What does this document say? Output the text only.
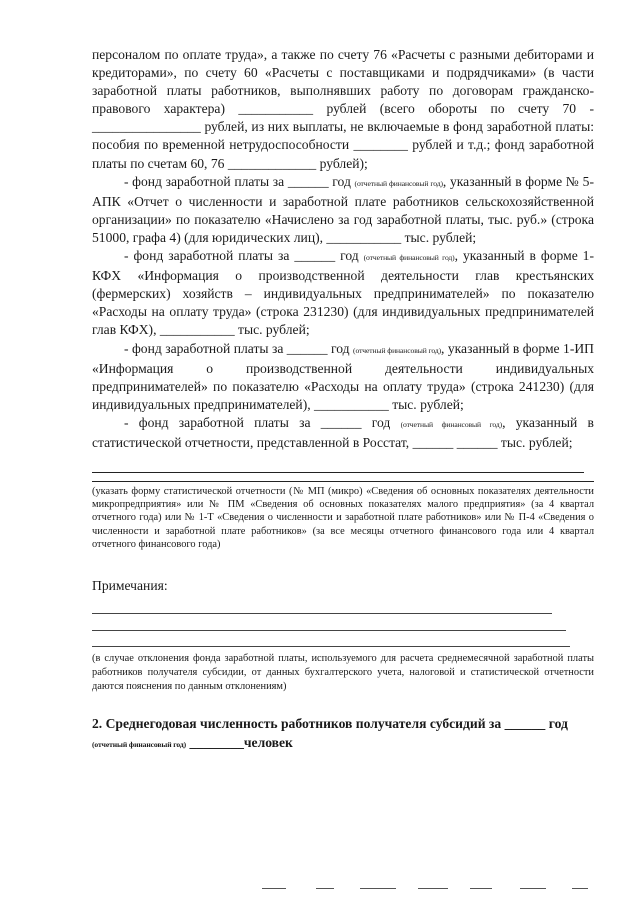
персоналом по оплате труда», а также по счету 76 «Расчеты с разными дебиторами и кредиторами», по счету 60 «Расчеты с поставщиками и подрядчиками» (в части заработной платы работников, выполнявших работу по договорам гражданско-правового характера) ___________ рублей (всего обороты по счету 70 - ________________ рублей, из них выплаты, не включаемые в фонд заработной платы: пособия по временной нетрудоспособности ________ рублей и т.д.; фонд заработной платы по счетам 60, 76 _____________ рублей);

- фонд заработной платы за ______ год (отчетный финансовый год), указанный в форме № 5-АПК «Отчет о численности и заработной плате работников сельскохозяйственной организации» по показателю «Начислено за год заработной платы, тыс. руб.» (строка 51000, графа 4) (для юридических лиц), ___________ тыс. рублей;

- фонд заработной платы за ______ год (отчетный финансовый год), указанный в форме 1-КФХ «Информация о производственной деятельности глав крестьянских (фермерских) хозяйств – индивидуальных предпринимателей» по показателю «Расходы на оплату труда» (строка 231230) (для индивидуальных предпринимателей глав КФХ), ___________ тыс. рублей;

- фонд заработной платы за ______ год (отчетный финансовый год), указанный в форме 1-ИП «Информация о производственной деятельности индивидуальных предпринимателей» по показателю «Расходы на оплату труда» (строка 241230) (для индивидуальных предпринимателей), ___________ тыс. рублей;

- фонд заработной платы за ______ год (отчетный финансовый год), указанный в статистической отчетности, представленной в Росстат, ______ ______ тыс. рублей;

(указать форму статистической отчетности (№ МП (микро) «Сведения об основных показателях деятельности микропредприятия» или № ПМ «Сведения об основных показателях малого предприятия» (за 4 квартал отчетного года) или № 1-Т «Сведения о численности и заработной плате работников» или № П-4 «Сведения о численности и заработной плате работников» (за все месяцы отчетного финансового года или 4 квартал отчетного финансового года)
Примечания:
(в случае отклонения фонда заработной платы, используемого для расчета среднемесячной заработной платы работников получателя субсидии, от данных бухгалтерского учета, налоговой и статистической отчетности даются пояснения по данным отклонениям)
2. Среднегодовая численность работников получателя субсидий за ______ год (отчетный финансовый год) ________человек
